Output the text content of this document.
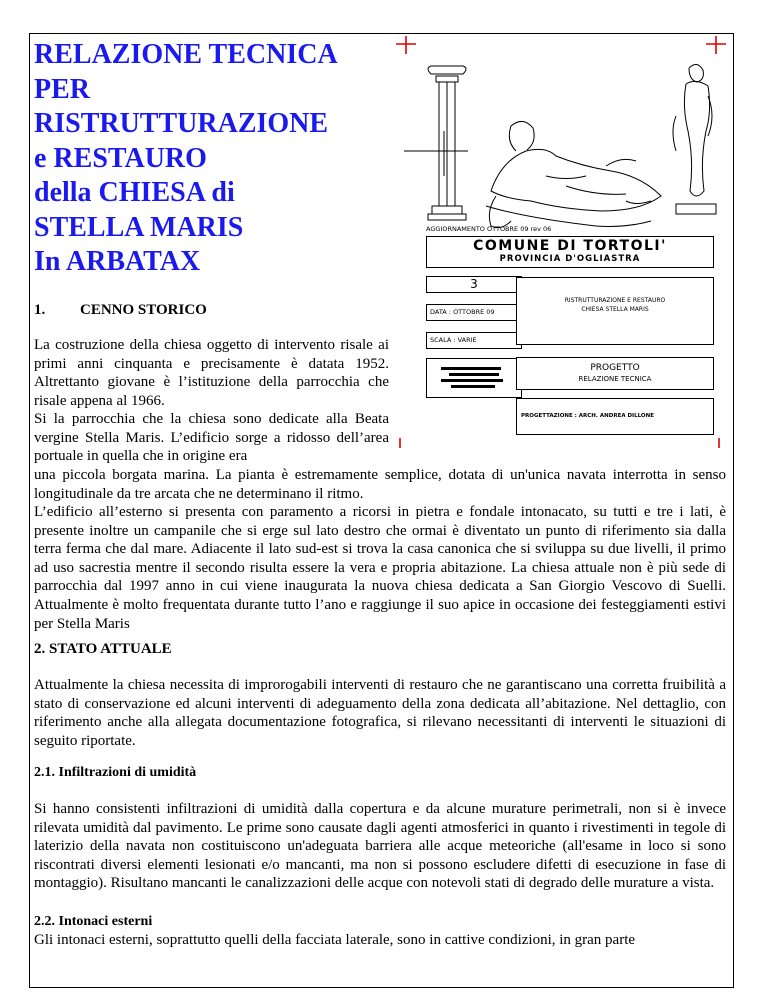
RELAZIONE TECNICA
PER
RISTRUTTURAZIONE
e RESTAURO
della CHIESA di
STELLA MARIS
In ARBATAX
AGGIORNAMENTO OTTOBRE 09 rev 06
COMUNE DI TORTOLI'
PROVINCIA D'OGLIASTRA
3
DATA : OTTOBRE 09
SCALA : VARIE
RISTRUTTURAZIONE E RESTAURO
CHIESA STELLA MARIS
PROGETTO
RELAZIONE TECNICA
PROGETTAZIONE : ARCH. ANDREA DILLONE
1. CENNO STORICO
La costruzione della chiesa oggetto di intervento risale ai primi anni cinquanta e precisamente è datata 1952. Altrettanto giovane è l’istituzione della parrocchia che risale appena al 1966.
Si la parrocchia che la chiesa sono dedicate alla Beata vergine Stella Maris. L’edificio sorge a ridosso dell’area portuale in quella che in origine era
una piccola borgata marina. La pianta è estremamente semplice, dotata di un'unica navata interrotta in senso longitudinale da tre arcata che ne determinano il ritmo.
L’edificio all’esterno si presenta con paramento a ricorsi in pietra e fondale intonacato, su tutti e tre i lati, è presente inoltre un campanile che si erge sul lato destro che ormai è diventato un punto di riferimento sia dalla terra ferma che dal mare. Adiacente il lato sud-est si trova la casa canonica che si sviluppa su due livelli, il primo ad uso sacrestia mentre il secondo risulta essere la vera e propria abitazione. La chiesa attuale non è più sede di parrocchia dal 1997 anno in cui viene inaugurata la nuova chiesa dedicata a San Giorgio Vescovo di Suelli. Attualmente è molto frequentata durante tutto l’ano e raggiunge il suo apice in occasione dei festeggiamenti estivi per Stella Maris
2. STATO ATTUALE
Attualmente la chiesa necessita di improrogabili interventi di restauro che ne garantiscano una corretta fruibilità a stato di conservazione ed alcuni interventi di adeguamento della zona dedicata all’abitazione. Nel dettaglio, con riferimento anche alla allegata documentazione fotografica, si rilevano necessitanti di interventi le situazioni di seguito riportate.
2.1. Infiltrazioni di umidità
Si hanno consistenti infiltrazioni di umidità dalla copertura e da alcune murature perimetrali, non si è invece rilevata umidità dal pavimento. Le prime sono causate dagli agenti atmosferici in quanto i rivestimenti in tegole di laterizio della navata non costituiscono un'adeguata barriera alle acque meteoriche (all'esame in loco si sono riscontrati diversi elementi lesionati e/o mancanti, ma non si possono escludere difetti di esecuzione in fase di montaggio). Risultano mancanti le canalizzazioni delle acque con notevoli stati di degrado delle murature a vista.
2.2. Intonaci esterni
Gli intonaci esterni, soprattutto quelli della facciata laterale, sono in cattive condizioni, in gran parte
